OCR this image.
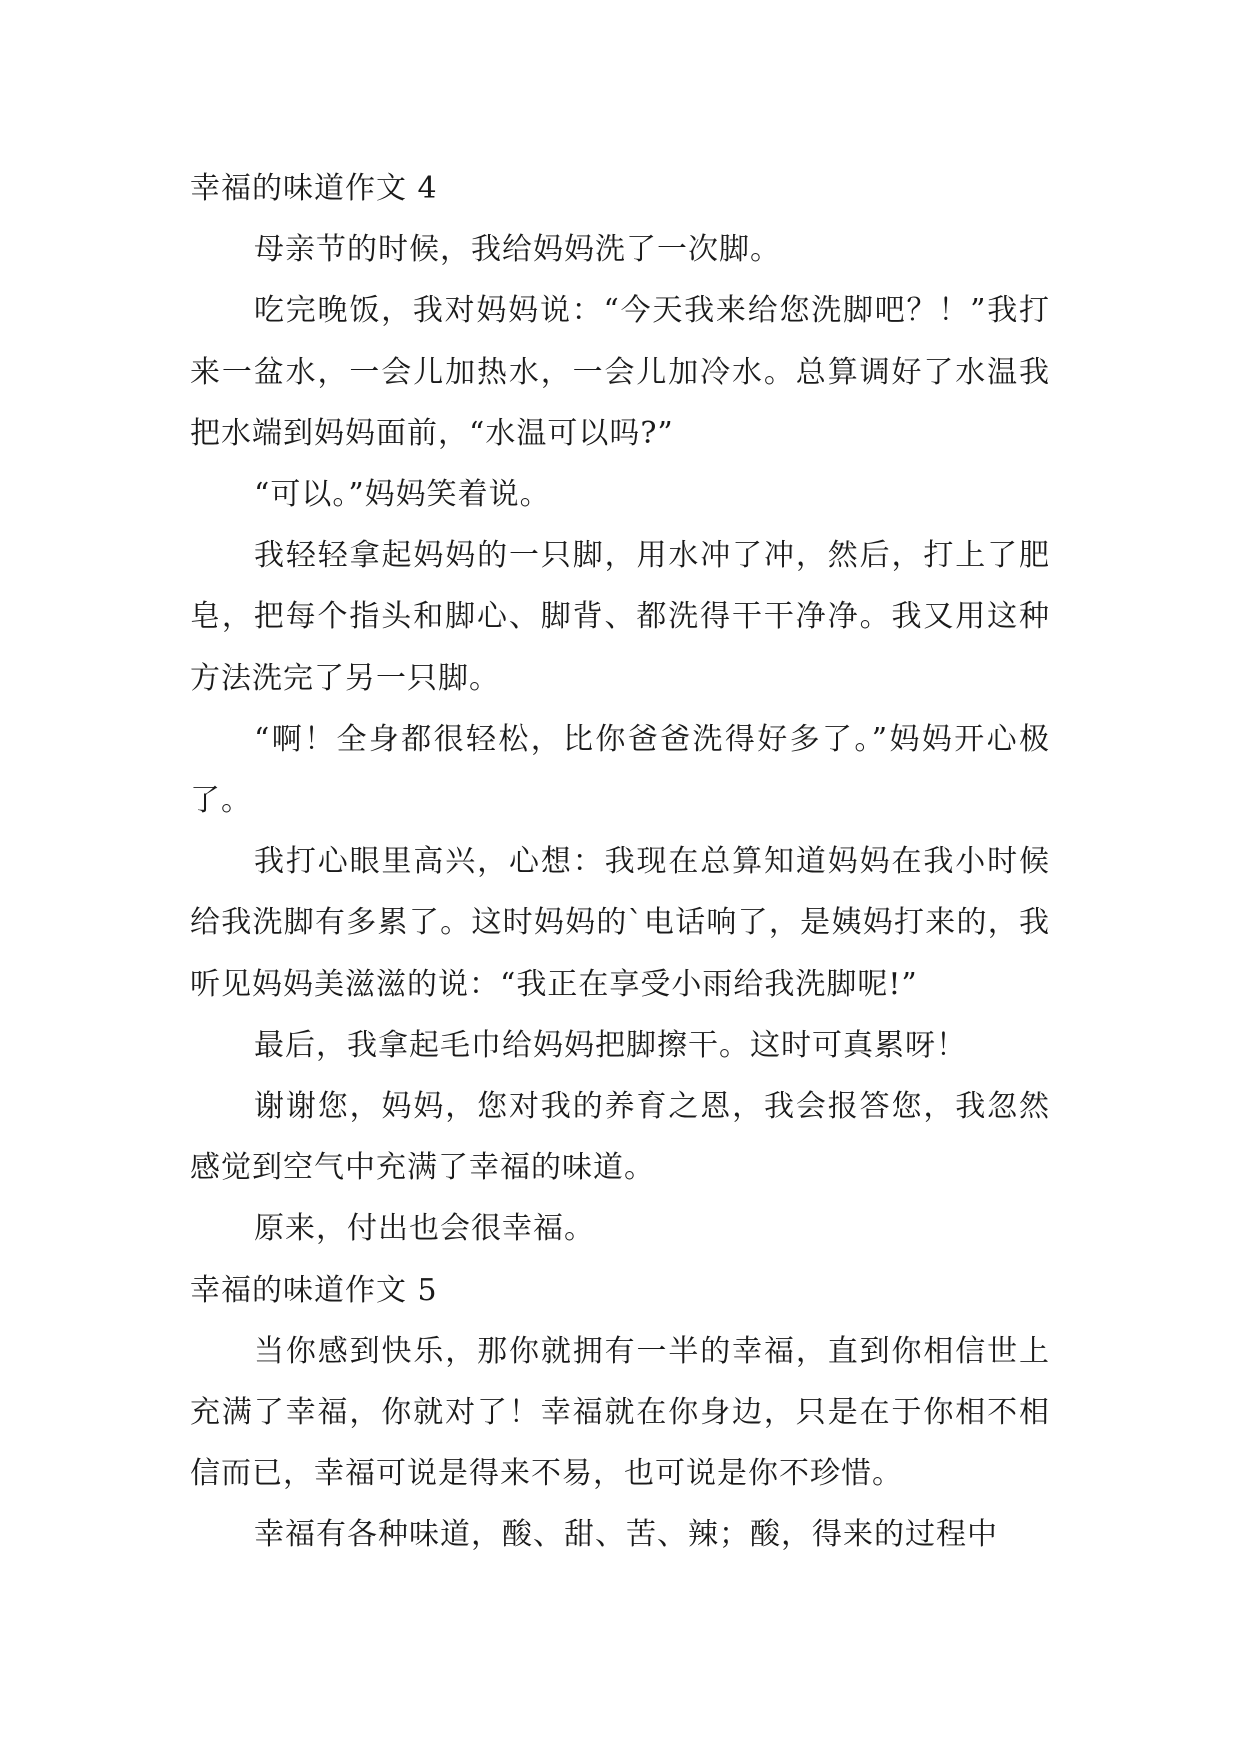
幸福的味道作文 4

母亲节的时候，我给妈妈洗了一次脚。

吃完晚饭，我对妈妈说：“今天我来给您洗脚吧？！”我打来一盆水，一会儿加热水，一会儿加冷水。总算调好了水温我把水端到妈妈面前，“水温可以吗?”

“可以。”妈妈笑着说。

我轻轻拿起妈妈的一只脚，用水冲了冲，然后，打上了肥皂，把每个指头和脚心、脚背、都洗得干干净净。我又用这种方法洗完了另一只脚。

“啊！全身都很轻松，比你爸爸洗得好多了。”妈妈开心极了。

我打心眼里高兴，心想：我现在总算知道妈妈在我小时候给我洗脚有多累了。这时妈妈的`电话响了，是姨妈打来的，我听见妈妈美滋滋的说：“我正在享受小雨给我洗脚呢!”

最后，我拿起毛巾给妈妈把脚擦干。这时可真累呀！

谢谢您，妈妈，您对我的养育之恩，我会报答您，我忽然感觉到空气中充满了幸福的味道。

原来，付出也会很幸福。

幸福的味道作文 5

当你感到快乐，那你就拥有一半的幸福，直到你相信世上充满了幸福，你就对了！幸福就在你身边，只是在于你相不相信而已，幸福可说是得来不易，也可说是你不珍惜。

幸福有各种味道，酸、甜、苦、辣；酸，得来的过程中
